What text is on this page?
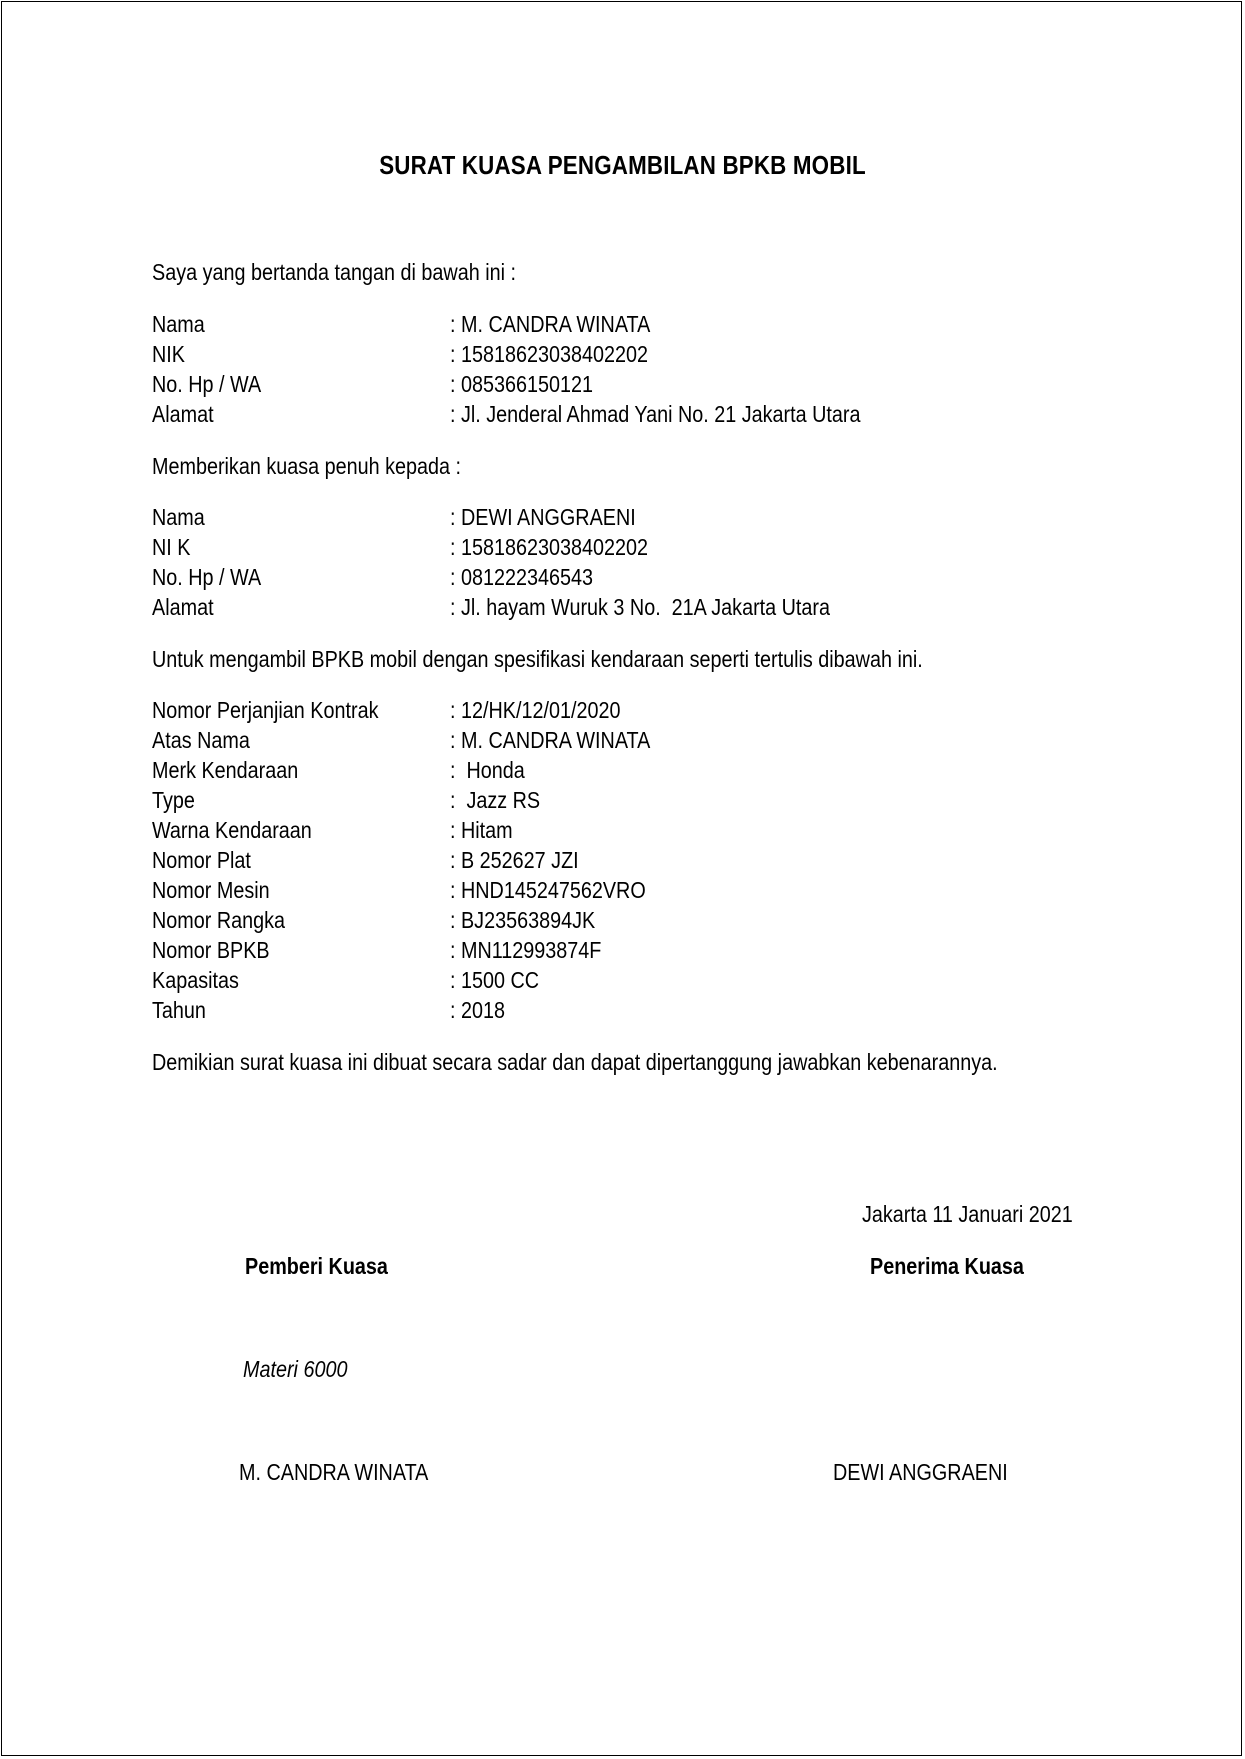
SURAT KUASA PENGAMBILAN BPKB MOBIL
Saya yang bertanda tangan di bawah ini :
Nama	: M. CANDRA WINATA
NIK	: 15818623038402202
No. Hp / WA	: 085366150121
Alamat	: Jl. Jenderal Ahmad Yani No. 21 Jakarta Utara
Memberikan kuasa penuh kepada :
Nama	: DEWI ANGGRAENI
NI K	: 15818623038402202
No. Hp / WA	: 081222346543
Alamat	: Jl. hayam Wuruk 3 No.  21A Jakarta Utara
Untuk mengambil BPKB mobil dengan spesifikasi kendaraan seperti tertulis dibawah ini.
Nomor Perjanjian Kontrak	: 12/HK/12/01/2020
Atas Nama	: M. CANDRA WINATA
Merk Kendaraan	:  Honda
Type	:  Jazz RS
Warna Kendaraan	: Hitam
Nomor Plat	: B 252627 JZI
Nomor Mesin	: HND145247562VRO
Nomor Rangka	: BJ23563894JK
Nomor BPKB	: MN112993874F
Kapasitas	: 1500 CC
Tahun	: 2018
Demikian surat kuasa ini dibuat secara sadar dan dapat dipertanggung jawabkan kebenarannya.
Jakarta 11 Januari 2021
Pemberi Kuasa	Penerima Kuasa
Materi 6000
M. CANDRA WINATA	DEWI ANGGRAENI
